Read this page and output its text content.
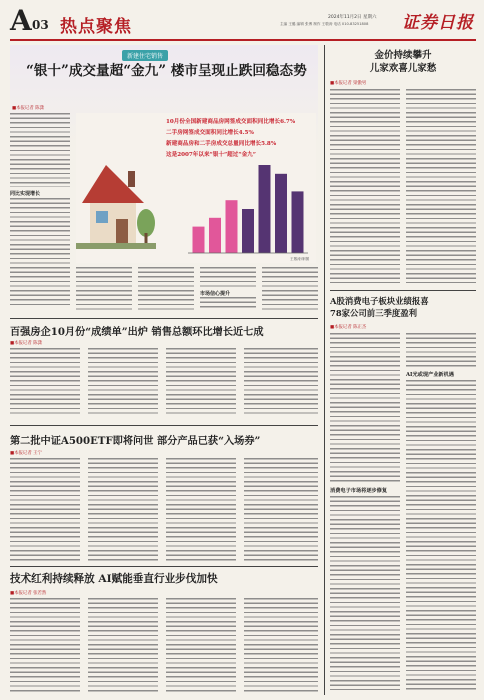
A 03 热点聚焦	2024年11月2日 星期六
主编 王璐 编辑 张博 制作 王敬涛 电话 010-83251808 证券日报
新建住宅销售
“银十”成交量超“金九” 楼市呈现止跌回稳态势
■本报记者 陈潇
同比实现增长
10月份全国新建商品房网签成交面积同比增长6.7%
二手房网签成交面积同比增长4.5%
新建商品房和二手房成交总量同比增长5.8%
这是2007年以来“银十”超过“金九”
王敬涛/制图
市场信心提升
金价持续攀升
儿家欢喜儿家愁
■本报记者 梁傲男
百强房企10月份“成绩单”出炉 销售总额环比增长近七成
■本报记者 陈潇
A股消费电子板块业绩报喜
78家公司前三季度盈利
■本报记者 陈正杰
AI光或现产业新机遇
消费电子市场将逐步修复
第二批中证A500ETF即将问世 部分产品已获“入场券”
■本报记者 王宁
技术红利持续释放 AI赋能垂直行业步伐加快
■本报记者 张若然
